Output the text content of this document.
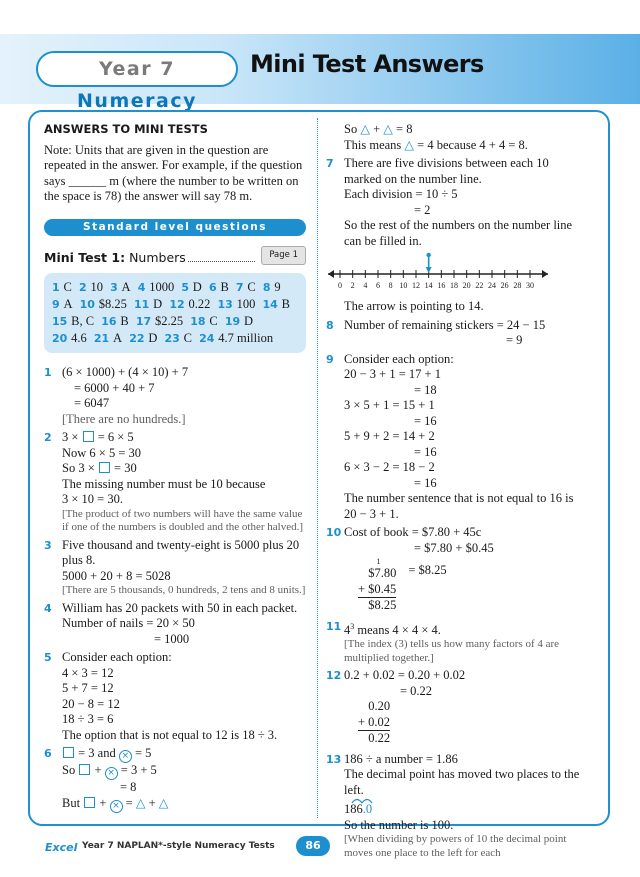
Year 7 Numeracy
Mini Test Answers
ANSWERS TO MINI TESTS
Note: Units that are given in the question are repeated in the answer. For example, if the question says ______ m (where the number to be written on the space is 78) the answer will say 78 m.
Standard level questions
Mini Test 1: Numbers	Page 1
1 C 2 10 3 A 4 1000 5 D 6 B 7 C 8 9 9 A 10 $8.25 11 D 12 0.22 13 100 14 B 15 B, C 16 B 17 $2.25 18 C 19 D 20 4.6 21 A 22 D 23 C 24 4.7 million
1 (6 × 1000) + (4 × 10) + 7
= 6000 + 40 + 7
= 6047
[There are no hundreds.]
2 3 × = 6 × 5
Now 6 × 5 = 30
So 3 × = 30
The missing number must be 10 because
3 × 10 = 30.
[The product of two numbers will have the same value if one of the numbers is doubled and the other halved.]
3 Five thousand and twenty-eight is 5000 plus 20 plus 8.
5000 + 20 + 8 = 5028
[There are 5 thousands, 0 hundreds, 2 tens and 8 units.]
4 William has 20 packets with 50 in each packet.
Number of nails = 20 × 50
= 1000
5 Consider each option:
4 × 3 = 12
5 + 7 = 12
20 − 8 = 12
18 ÷ 3 = 6
The option that is not equal to 12 is 18 ÷ 3.
6	= 3 and × = 5
So + × = 3 + 5
= 8
But + × = △ + △
So △ + △ = 8
This means △ = 4 because 4 + 4 = 8.
7 There are five divisions between each 10 marked on the number line.
Each division = 10 ÷ 5
= 2
So the rest of the numbers on the number line can be filled in.
0 2 4 6 8 10 12 14 16 18 20 22 24 26 28 30
The arrow is pointing to 14.
8 Number of remaining stickers = 24 − 15
= 9
9 Consider each option:
20 − 3 + 1 = 17 + 1
= 18
3 × 5 + 1 = 15 + 1
= 16
5 + 9 + 2 = 14 + 2
= 16
6 × 3 − 2 = 18 − 2
= 16
The number sentence that is not equal to 16 is 20 − 3 + 1.
10 Cost of book = $7.80 + 45c
= $7.80 + $0.45
1
$7.80
+ $0.45
$8.25
= $8.25
11 $4^3$ means 4 × 4 × 4.
[The index (3) tells us how many factors of 4 are multiplied together.]
12 0.2 + 0.02 = 0.20 + 0.02
= 0.22
0.20
+ 0.02
0.22
13 186 ÷ a number = 1.86
The decimal point has moved two places to the left.
186.0
So the number is 100.
[When dividing by powers of 10 the decimal point moves one place to the left for each
Excel Year 7 NAPLAN*-style Numeracy Tests	86
